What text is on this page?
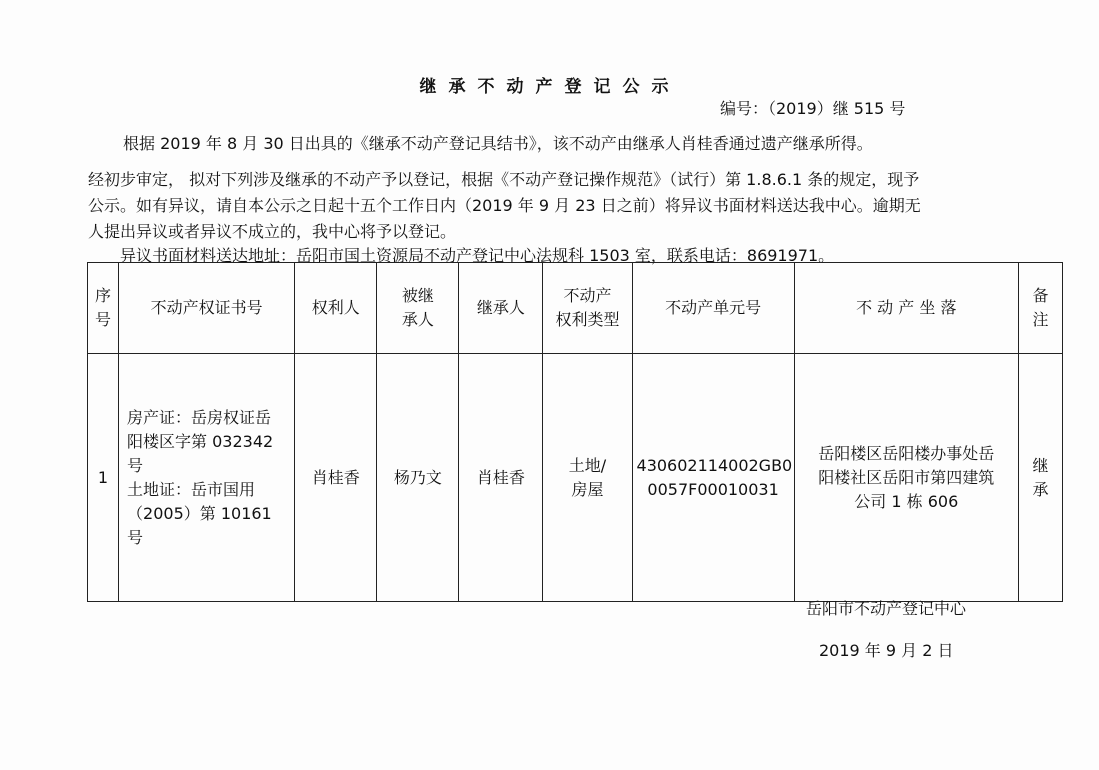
继承不动产登记公示
编号：（2019）继 515 号
根据 2019 年 8 月 30 日出具的《继承不动产登记具结书》，该不动产由继承人肖桂香通过遗产继承所得。
经初步审定， 拟对下列涉及继承的不动产予以登记，根据《不动产登记操作规范》（试行）第 1.8.6.1 条的规定，现予
公示。如有异议，请自本公示之日起十五个工作日内（2019 年 9 月 23 日之前）将异议书面材料送达我中心。逾期无
人提出异议或者异议不成立的，我中心将予以登记。
异议书面材料送达地址：岳阳市国土资源局不动产登记中心法规科 1503 室，联系电话：8691971。
序
号	不动产权证书号	权利人	被继
承人	继承人	不动产
权利类型	不动产单元号	不 动 产 坐 落	备
注

1	房产证：岳房权证岳
阳楼区字第 032342
号
土地证：岳市国用
（2005）第 10161 号	肖桂香	杨乃文	肖桂香	土地/
房屋	430602114002GB0
0057F00010031	岳阳楼区岳阳楼办事处岳
阳楼社区岳阳市第四建筑
公司 1 栋 606	继
承
岳阳市不动产登记中心
2019 年 9 月 2 日
